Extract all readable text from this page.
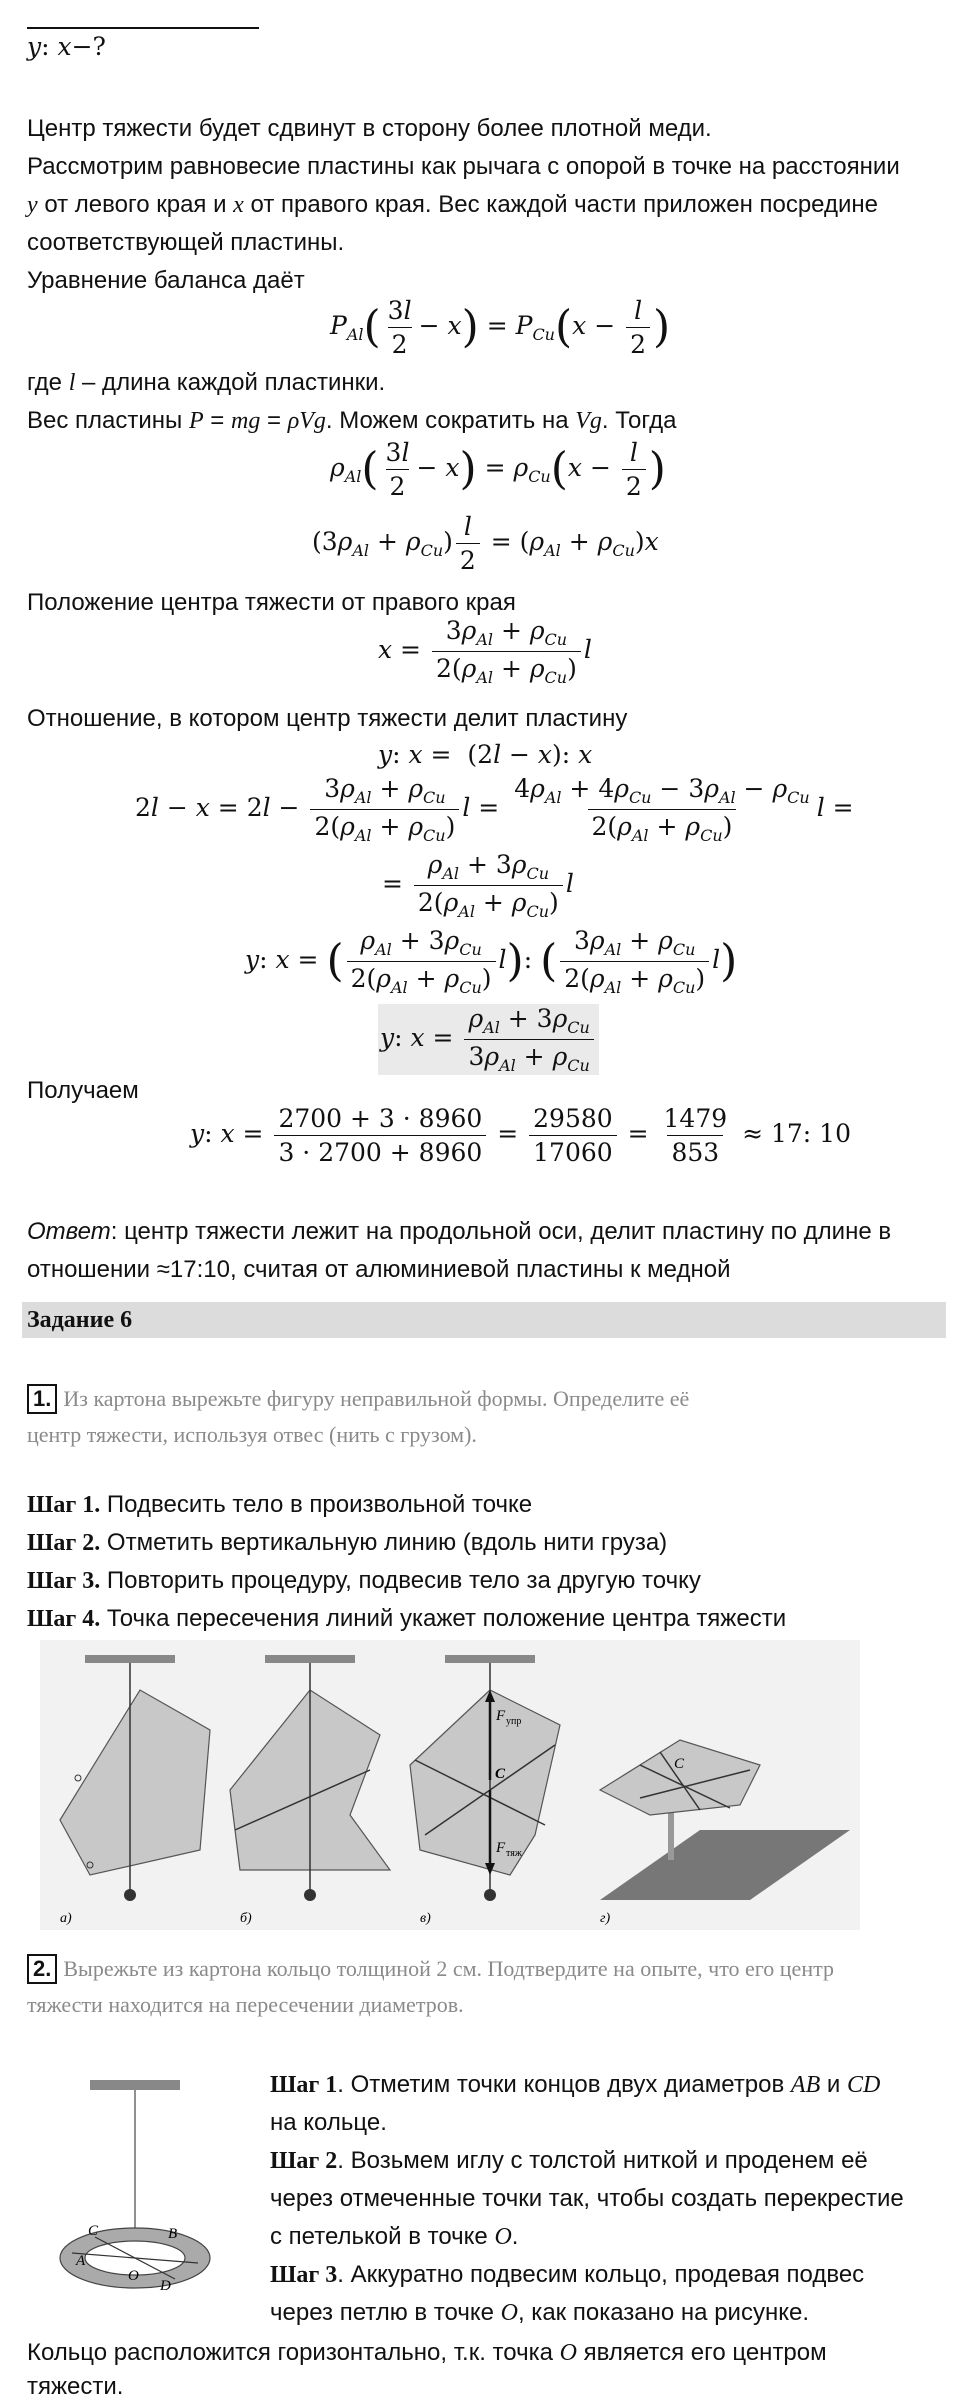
y: x−?
Центр тяжести будет сдвинут в сторону более плотной меди.
Рассмотрим равновесие пластины как рычага с опорой в точке на расстоянии
y от левого края и x от правого края. Вес каждой части приложен посредине
соответствующей пластины.
Уравнение баланса даёт
$P_{Al}( \frac{3l}{2} - x) = P_{Cu}(x - \frac{l}{2}$ )
где l – длина каждой пластинки.
Вес пластины P = mg = ρVg. Можем сократить на Vg. Тогда
$\rho_{Al}( \frac{3l}{2} - x) = \rho_{Cu}(x - \frac{l}{2}$ )
$(3\rho_{Al} + \rho_{Cu}) \frac{l}{2} = (\rho_{Al} + \rho_{Cu})x$
Положение центра тяжести от правого края
$x = \frac{3\rho_{Al} + \rho_{Cu}}{2(\rho_{Al} + \rho_{Cu})}$ l
Отношение, в котором центр тяжести делит пластину
y: x =  (2l − x): x
$2l - x = 2l - \frac{3\rho_{Al} + \rho_{Cu}}{2(\rho_{Al} + \rho_{Cu})}$ $l = \frac{4\rho_{Al} + 4\rho_{Cu} - 3\rho_{Al} - \rho_{Cu}}{2(\rho_{Al} + \rho_{Cu})}$ l =
= $\frac{\rho_{Al} + 3\rho_{Cu}}{2(\rho_{Al} + \rho_{Cu})}$ l
y: x = ( $\frac{\rho_{Al} + 3\rho_{Cu}}{2(\rho_{Al} + \rho_{Cu})} l$): ( $\frac{3\rho_{Al} + \rho_{Cu}}{2(\rho_{Al} + \rho_{Cu})} l$)
y: $x = \frac{\rho_{Al} + 3\rho_{Cu}}{3\rho_{Al} + \rho_{Cu}}$
Получаем
y: $x = \frac{2700 + 3 \cdot 8960}{3 \cdot 2700 + 8960} = \frac{29580}{17060} = \frac{1479}{853} \approx 17$: 10
Ответ: центр тяжести лежит на продольной оси, делит пластину по длине в
отношении ≈17:10, считая от алюминиевой пластины к медной
Задание 6
1. Из картона вырежьте фигуру неправильной формы. Определите её
центр тяжести, используя отвес (нить с грузом).
Шаг 1. Подвесить тело в произвольной точке
Шаг 2. Отметить вертикальную линию (вдоль нити груза)
Шаг 3. Повторить процедуру, подвесив тело за другую точку
Шаг 4. Точка пересечения линий укажет положение центра тяжести
а)	б)
F упр
C
F тяж
в)
C
г)
2. Вырежьте из картона кольцо толщиной 2 см. Подтвердите на опыте, что его центр
тяжести находится на пересечении диаметров.
C	B
A
O
D
Шаг 1. Отметим точки концов двух диаметров AB и CD
на кольце.
Шаг 2. Возьмем иглу с толстой ниткой и проденем её
через отмеченные точки так, чтобы создать перекрестие
с петелькой в точке O.
Шаг 3. Аккуратно подвесим кольцо, продевая подвес
через петлю в точке O, как показано на рисунке.
Кольцо расположится горизонтально, т.к. точка O является его центром
тяжести.
